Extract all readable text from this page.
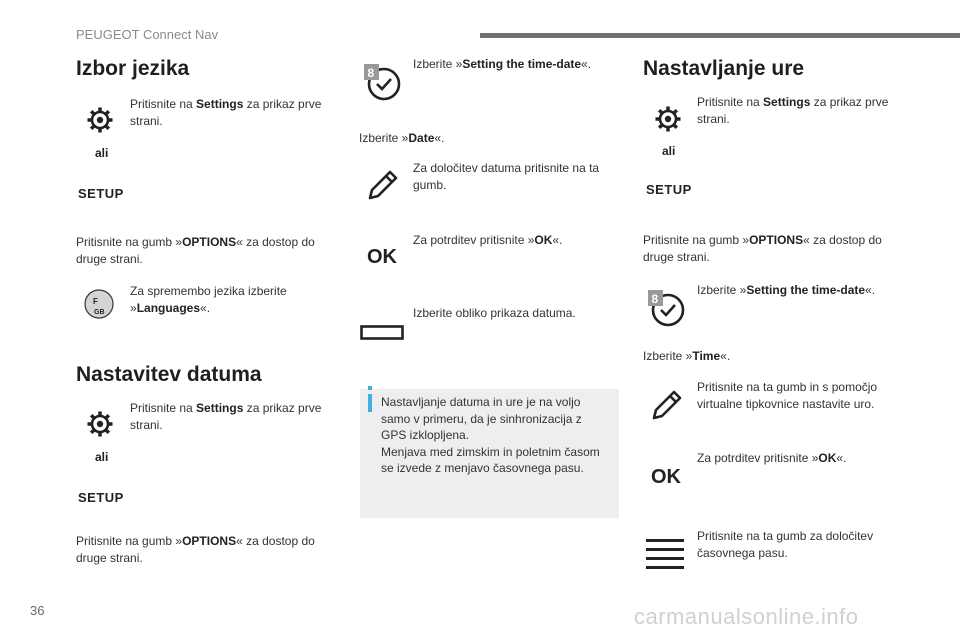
PEUGEOT Connect Nav
Izbor jezika
Pritisnite na Settings za prikaz prve strani.
ali
SETUP
Pritisnite na gumb »OPTIONS« za dostop do druge strani.
F
GB
Za spremembo jezika izberite »Languages«.
Nastavitev datuma
Pritisnite na Settings za prikaz prve strani.
ali
SETUP
Pritisnite na gumb »OPTIONS« za dostop do druge strani.
8
Izberite »Setting the time-date«.
Izberite »Date«.
Za določitev datuma pritisnite na ta gumb.
OK
Za potrditev pritisnite »OK«.
Izberite obliko prikaza datuma.
Nastavljanje datuma in ure je na voljo
samo v primeru, da je sinhronizacija z
GPS izklopljena.
Menjava med zimskim in poletnim časom
se izvede z menjavo časovnega pasu.
Nastavljanje ure
Pritisnite na Settings za prikaz prve strani.
ali
SETUP
Pritisnite na gumb »OPTIONS« za dostop do druge strani.
8
Izberite »Setting the time-date«.
Izberite »Time«.
Pritisnite na ta gumb in s pomočjo virtualne tipkovnice nastavite uro.
OK
Za potrditev pritisnite »OK«.
Pritisnite na ta gumb za določitev časovnega pasu.
36	carmanualsonline.info
